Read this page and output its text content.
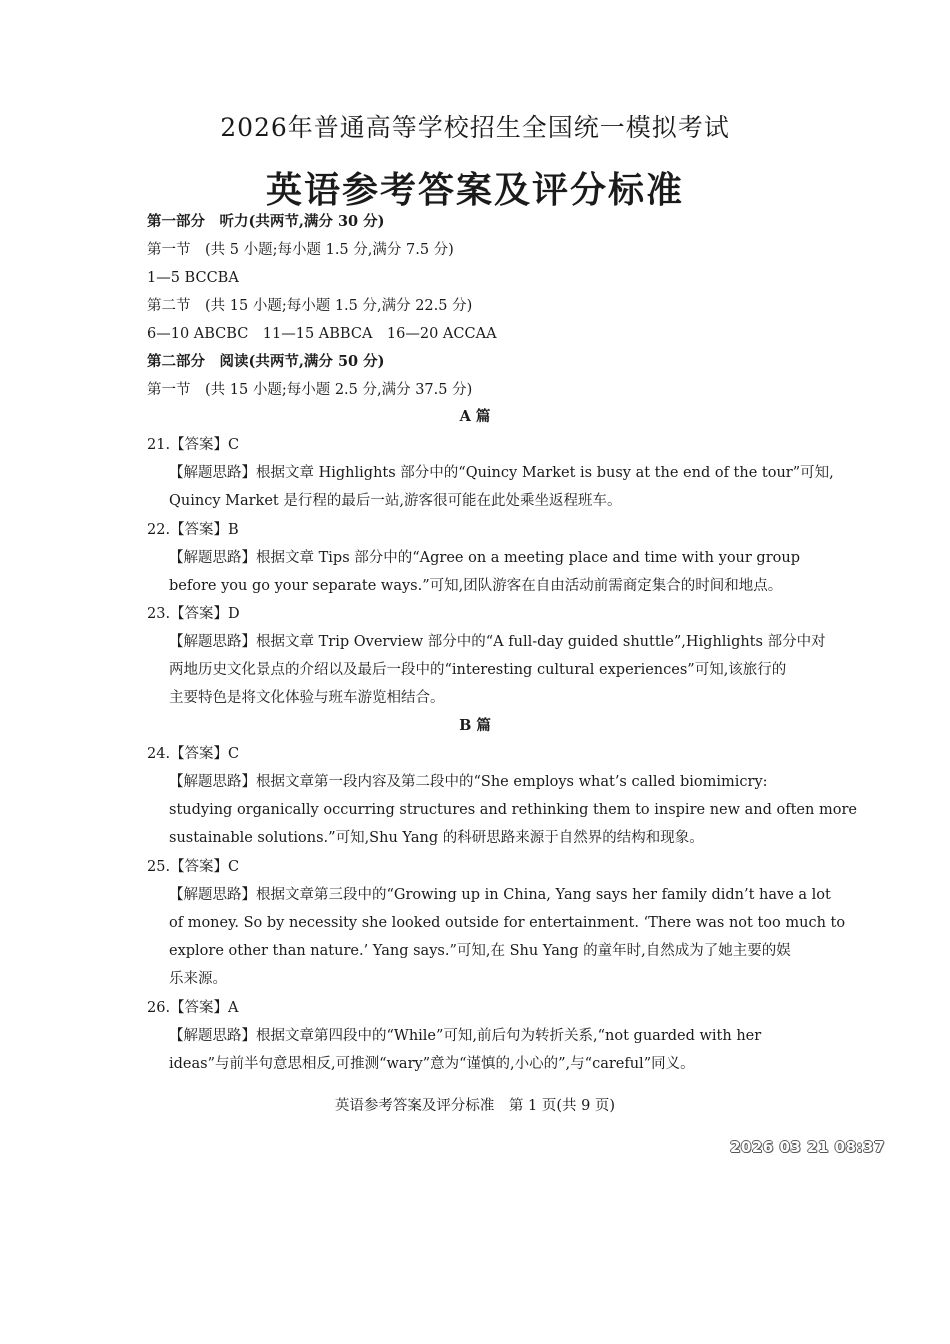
2026年普通高等学校招生全国统一模拟考试
英语参考答案及评分标准
第一部分　听力(共两节,满分 30 分)
第一节　(共 5 小题;每小题 1.5 分,满分 7.5 分)
1—5 BCCBA
第二节　(共 15 小题;每小题 1.5 分,满分 22.5 分)
6—10 ABCBC　11—15 ABBCA　16—20 ACCAA
第二部分　阅读(共两节,满分 50 分)
第一节　(共 15 小题;每小题 2.5 分,满分 37.5 分)
A 篇
21.【答案】C
【解题思路】根据文章 Highlights 部分中的“Quincy Market is busy at the end of the tour”可知,
Quincy Market 是行程的最后一站,游客很可能在此处乘坐返程班车。
22.【答案】B
【解题思路】根据文章 Tips 部分中的“Agree on a meeting place and time with your group
before you go your separate ways.”可知,团队游客在自由活动前需商定集合的时间和地点。
23.【答案】D
【解题思路】根据文章 Trip Overview 部分中的“A full-day guided shuttle”,Highlights 部分中对
两地历史文化景点的介绍以及最后一段中的“interesting cultural experiences”可知,该旅行的
主要特色是将文化体验与班车游览相结合。
B 篇
24.【答案】C
【解题思路】根据文章第一段内容及第二段中的“She employs what’s called biomimicry:
studying organically occurring structures and rethinking them to inspire new and often more
sustainable solutions.”可知,Shu Yang 的科研思路来源于自然界的结构和现象。
25.【答案】C
【解题思路】根据文章第三段中的“Growing up in China, Yang says her family didn’t have a lot
of money. So by necessity she looked outside for entertainment. ‘There was not too much to
explore other than nature.’ Yang says.”可知,在 Shu Yang 的童年时,自然成为了她主要的娱
乐来源。
26.【答案】A
【解题思路】根据文章第四段中的“While”可知,前后句为转折关系,“not guarded with her
ideas”与前半句意思相反,可推测“wary”意为“谨慎的,小心的”,与“careful”同义。
英语参考答案及评分标准　第 1 页(共 9 页)
2026 03 21 08:37
